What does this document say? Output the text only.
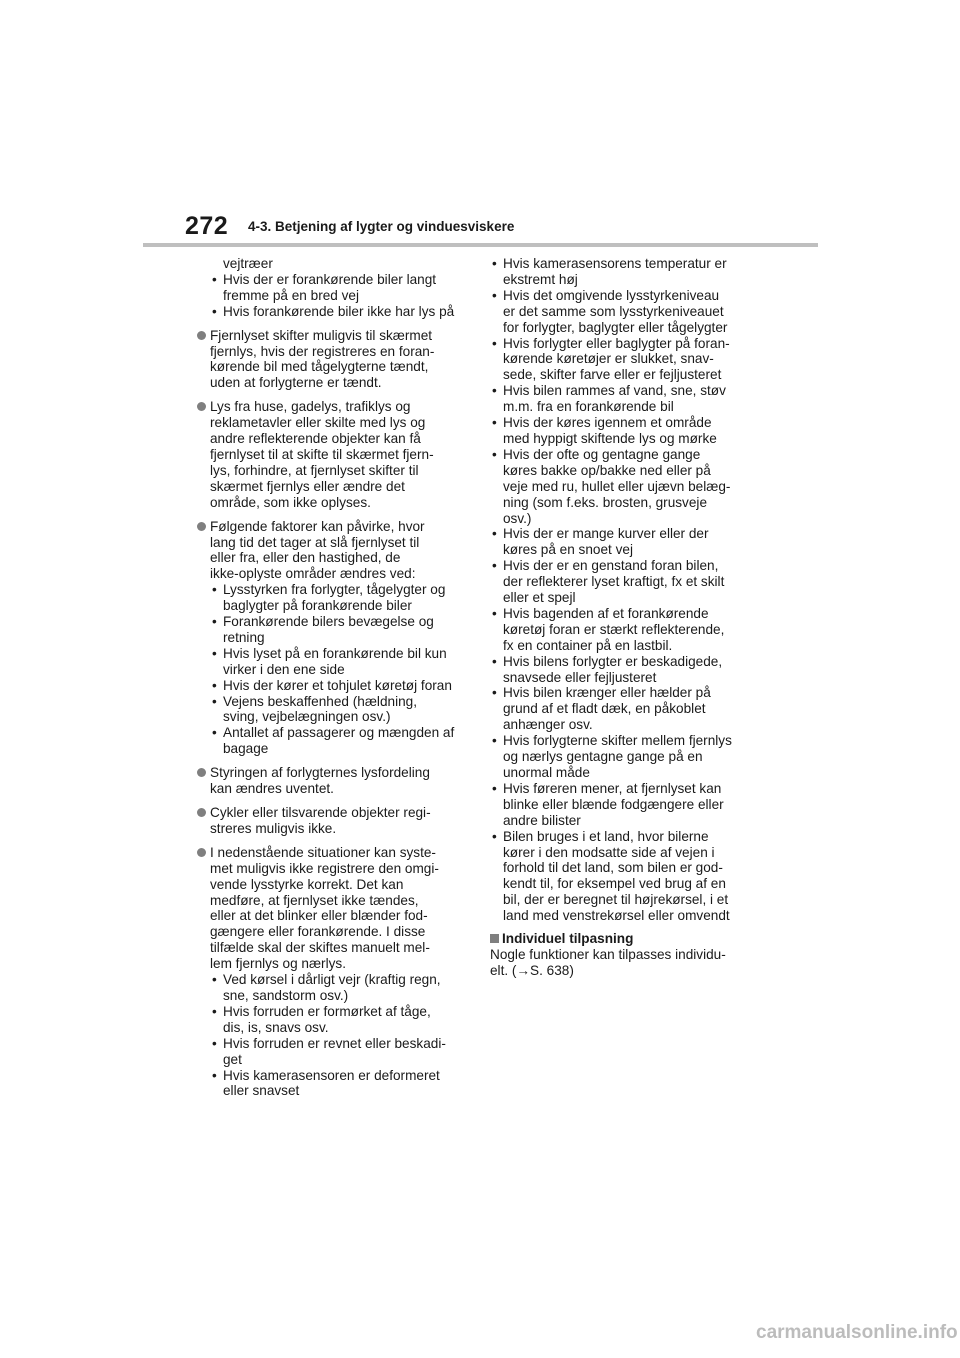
272 4-3. Betjening af lygter og vinduesviskere
vejtræer
• Hvis der er forankørende biler langt
fremme på en bred vej
• Hvis forankørende biler ikke har lys på
Fjernlyset skifter muligvis til skærmet
fjernlys, hvis der registreres en foran-
kørende bil med tågelygterne tændt,
uden at forlygterne er tændt.
Lys fra huse, gadelys, trafiklys og
reklametavler eller skilte med lys og
andre reflekterende objekter kan få
fjernlyset til at skifte til skærmet fjern-
lys, forhindre, at fjernlyset skifter til
skærmet fjernlys eller ændre det
område, som ikke oplyses.
Følgende faktorer kan påvirke, hvor
lang tid det tager at slå fjernlyset til
eller fra, eller den hastighed, de
ikke-oplyste områder ændres ved:
• Lysstyrken fra forlygter, tågelygter og
baglygter på forankørende biler
• Forankørende bilers bevægelse og
retning
• Hvis lyset på en forankørende bil kun
virker i den ene side
• Hvis der kører et tohjulet køretøj foran
• Vejens beskaffenhed (hældning,
sving, vejbelægningen osv.)
• Antallet af passagerer og mængden af
bagage
Styringen af forlygternes lysfordeling
kan ændres uventet.
Cykler eller tilsvarende objekter regi-
streres muligvis ikke.
I nedenstående situationer kan syste-
met muligvis ikke registrere den omgi-
vende lysstyrke korrekt. Det kan
medføre, at fjernlyset ikke tændes,
eller at det blinker eller blænder fod-
gængere eller forankørende. I disse
tilfælde skal der skiftes manuelt mel-
lem fjernlys og nærlys.
• Ved kørsel i dårligt vejr (kraftig regn,
sne, sandstorm osv.)
• Hvis forruden er formørket af tåge,
dis, is, snavs osv.
• Hvis forruden er revnet eller beskadi-
get
• Hvis kamerasensoren er deformeret
eller snavset
• Hvis kamerasensorens temperatur er
ekstremt høj
• Hvis det omgivende lysstyrkeniveau
er det samme som lysstyrkeniveauet
for forlygter, baglygter eller tågelygter
• Hvis forlygter eller baglygter på foran-
kørende køretøjer er slukket, snav-
sede, skifter farve eller er fejljusteret
• Hvis bilen rammes af vand, sne, støv
m.m. fra en forankørende bil
• Hvis der køres igennem et område
med hyppigt skiftende lys og mørke
• Hvis der ofte og gentagne gange
køres bakke op/bakke ned eller på
veje med ru, hullet eller ujævn belæg-
ning (som f.eks. brosten, grusveje
osv.)
• Hvis der er mange kurver eller der
køres på en snoet vej
• Hvis der er en genstand foran bilen,
der reflekterer lyset kraftigt, fx et skilt
eller et spejl
• Hvis bagenden af et forankørende
køretøj foran er stærkt reflekterende,
fx en container på en lastbil.
• Hvis bilens forlygter er beskadigede,
snavsede eller fejljusteret
• Hvis bilen krænger eller hælder på
grund af et fladt dæk, en påkoblet
anhænger osv.
• Hvis forlygterne skifter mellem fjernlys
og nærlys gentagne gange på en
unormal måde
• Hvis føreren mener, at fjernlyset kan
blinke eller blænde fodgængere eller
andre bilister
• Bilen bruges i et land, hvor bilerne
kører i den modsatte side af vejen i
forhold til det land, som bilen er god-
kendt til, for eksempel ved brug af en
bil, der er beregnet til højrekørsel, i et
land med venstrekørsel eller omvendt
Individuel tilpasning
Nogle funktioner kan tilpasses individu-
elt. (→S. 638)
carmanualsonline.info
